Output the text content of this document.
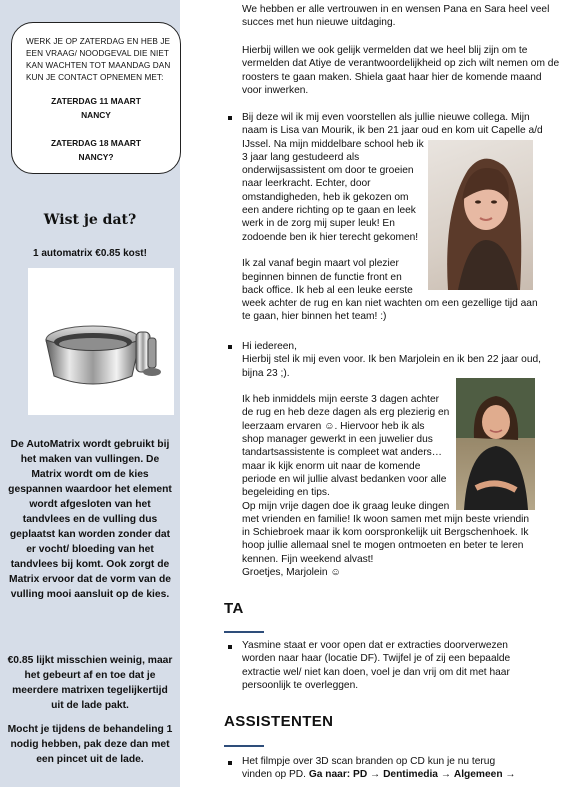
WERK JE OP ZATERDAG EN HEB JE EEN VRAAG/ NOODGEVAL DIE NIET KAN WACHTEN TOT MAANDAG DAN KUN JE CONTACT OPNEMEN MET:
ZATERDAG 11 MAART
NANCY
ZATERDAG 18 MAART
NANCY?
Wist je dat?
1 automatrix €0.85 kost!
De AutoMatrix wordt gebruikt bij het maken van vullingen. De Matrix wordt om de kies gespannen waardoor het element wordt afgesloten van het tandvlees en de vulling dus geplaatst kan worden zonder dat er vocht/ bloeding van het tandvlees bij komt. Ook zorgt de Matrix ervoor dat de vorm van de vulling mooi aansluit op de kies.
€0.85 lijkt misschien weinig, maar het gebeurt af en toe dat je meerdere matrixen tegelijkertijd uit de lade pakt.
Mocht je tijdens de behandeling 1 nodig hebben, pak deze dan met een pincet uit de lade.
We hebben er alle vertrouwen in en wensen Pana en Sara heel veel succes met hun nieuwe uitdaging.
Hierbij willen we ook gelijk vermelden dat we heel blij zijn om te vermelden dat Atiye de verantwoordelijkheid op zich wilt nemen om de roosters te gaan maken. Shiela gaat haar hier de komende maand voor inwerken.
Bij deze wil ik mij even voorstellen als jullie nieuwe collega. Mijn
naam is Lisa van Mourik, ik ben 21 jaar oud en kom uit Capelle a/d
IJssel. Na mijn middelbare school heb ik
3 jaar lang gestudeerd als
onderwijsassistent om door te groeien
naar leerkracht. Echter, door
omstandigheden, heb ik gekozen om
een andere richting op te gaan en leek
werk in de zorg mij super leuk! En
zodoende ben ik hier terecht gekomen!
Ik zal vanaf begin maart vol plezier
beginnen binnen de functie front en
back office. Ik heb al een leuke eerste
week achter de rug en kan niet wachten om een gezellige tijd aan
te gaan, hier binnen het team! :)
Hi iedereen,
Hierbij stel ik mij even voor. Ik ben Marjolein en ik ben 22 jaar oud,
bijna 23 ;).
Ik heb inmiddels mijn eerste 3 dagen achter
de rug en heb deze dagen als erg plezierig en
leerzaam ervaren ☺. Hiervoor heb ik als
shop manager gewerkt in een juwelier dus
tandartsassistente is compleet wat anders…
maar ik kijk enorm uit naar de komende
periode en wil jullie alvast bedanken voor alle
begeleiding en tips.
Op mijn vrije dagen doe ik graag leuke dingen
met vrienden en familie! Ik woon samen met mijn beste vriendin
in Schiebroek maar ik kom oorspronkelijk uit Bergschenhoek. Ik
hoop jullie allemaal snel te mogen ontmoeten en beter te leren
kennen. Fijn weekend alvast!
Groetjes, Marjolein ☺
TA
Yasmine staat er voor open dat er extracties doorverwezen
worden naar haar (locatie DF). Twijfel je of zij een bepaalde
extractie wel/ niet kan doen, voel je dan vrij om dit met haar
persoonlijk te overleggen.
ASSISTENTEN
Het filmpje over 3D scan branden op CD kun je nu terug
vinden op PD. Ga naar: PD → Dentimedia → Algemeen →
